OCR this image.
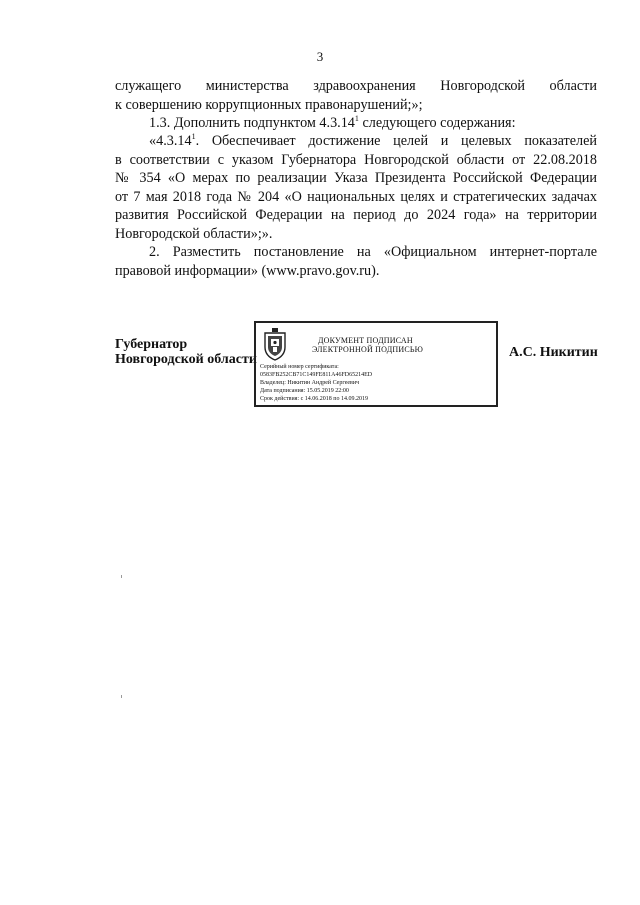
3
служащего министерства здравоохранения Новгородской области
к совершению коррупционных правонарушений;»;
1.3. Дополнить подпунктом 4.3.14$^1$ следующего содержания:
«4.3.14$^1$. Обеспечивает достижение целей и целевых показателей
в соответствии с указом Губернатора Новгородской области от 22.08.2018
№ 354 «О мерах по реализации Указа Президента Российской Федерации
от 7 мая 2018 года № 204 «О национальных целях и стратегических задачах
развития Российской Федерации на период до 2024 года» на территории
Новгородской области»;».
2. Разместить постановление на «Официальном интернет-портале
правовой информации» (www.pravo.gov.ru).
Губернатор
Новгородской области
ДОКУМЕНТ ПОДПИСАН
ЭЛЕКТРОННОЙ ПОДПИСЬЮ
Серийный номер сертификата:
0583FB252CB71C149FE811A46FD65214ED
Владелец: Никитин Андрей Сергеевич
Дата подписания: 15.05.2019 22:00
Срок действия: с 14.06.2018 по 14.09.2019
А.С. Никитин
